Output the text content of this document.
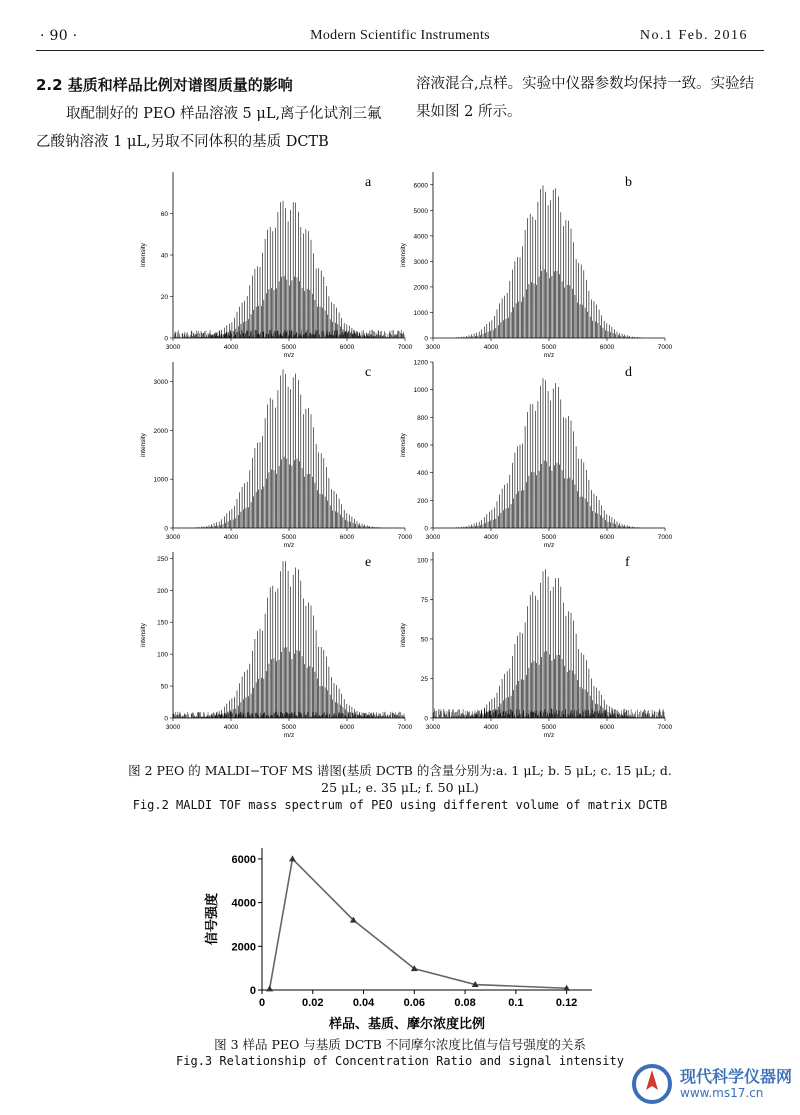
· 90 ·	Modern Scientific Instruments	No.1 Feb. 2016
2.2 基质和样品比例对谱图质量的影响
取配制好的 PEO 样品溶液 5 μL,离子化试剂三氟乙酸钠溶液 1 μL,另取不同体积的基质 DCTB
溶液混合,点样。实验中仪器参数均保持一致。实验结果如图 2 所示。
0
20
40
60
3000	4000	5000	6000	7000
m/z
intensity
a
0
1000
2000
3000
4000
5000
6000
3000	4000	5000	6000	7000
m/z
intensity
b
0
1000
2000
3000
3000	4000	5000	6000	7000
m/z
intensity
c
0
200
400
600
800
1000
1200
3000	4000	5000	6000	7000
m/z
intensity
d
0
50
100
150
200
250
3000	4000	5000	6000	7000
m/z
intensity
e
0
25
50
75
100
3000	4000	5000	6000	7000
m/z
intensity
f
图 2 PEO 的 MALDI−TOF MS 谱图(基质 DCTB 的含量分别为:a. 1 μL; b. 5 μL; c. 15 μL; d.
25 μL; e. 35 μL; f. 50 μL)
Fig.2 MALDI TOF mass spectrum of PEO using different volume of matrix DCTB
0
2000
4000
6000
0	0.02	0.04	0.06	0.08	0.1	0.12
样品、基质、摩尔浓度比例
信号强度
图 3 样品 PEO 与基质 DCTB 不同摩尔浓度比值与信号强度的关系
Fig.3 Relationship of Concentration Ratio and signal intensity
现代科学仪器网
www.ms17.cn
